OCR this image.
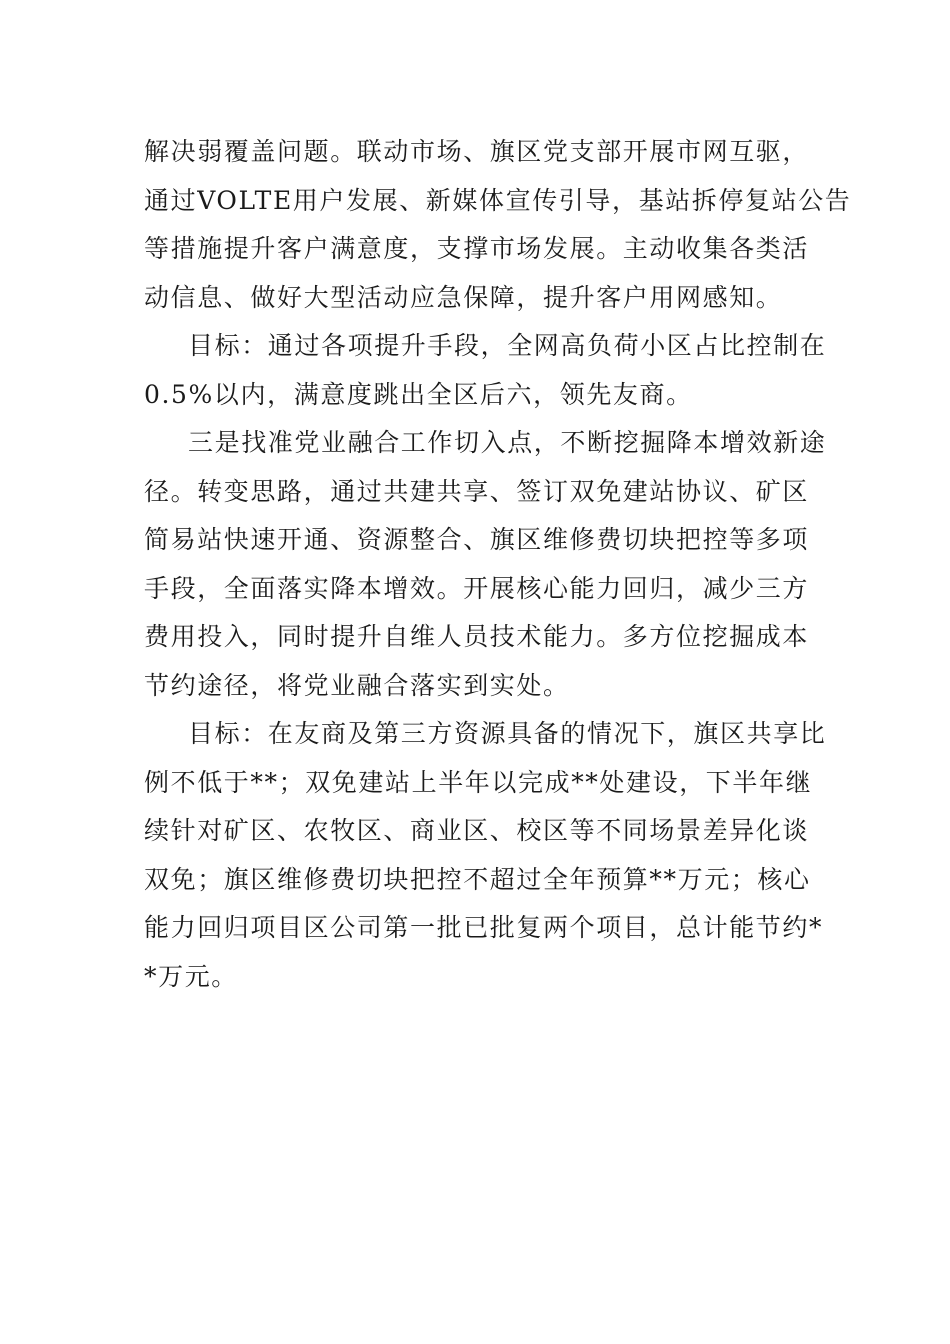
解决弱覆盖问题。联动市场、旗区党支部开展市网互驱，
通过VOLTE用户发展、新媒体宣传引导，基站拆停复站公告
等措施提升客户满意度，支撑市场发展。主动收集各类活
动信息、做好大型活动应急保障，提升客户用网感知。
目标：通过各项提升手段，全网高负荷小区占比控制在
0.5%以内，满意度跳出全区后六，领先友商。
三是找准党业融合工作切入点，不断挖掘降本增效新途
径。转变思路，通过共建共享、签订双免建站协议、矿区
简易站快速开通、资源整合、旗区维修费切块把控等多项
手段，全面落实降本增效。开展核心能力回归，减少三方
费用投入，同时提升自维人员技术能力。多方位挖掘成本
节约途径，将党业融合落实到实处。
目标：在友商及第三方资源具备的情况下，旗区共享比
例不低于**；双免建站上半年以完成**处建设，下半年继
续针对矿区、农牧区、商业区、校区等不同场景差异化谈
双免；旗区维修费切块把控不超过全年预算**万元；核心
能力回归项目区公司第一批已批复两个项目，总计能节约*
*万元。
